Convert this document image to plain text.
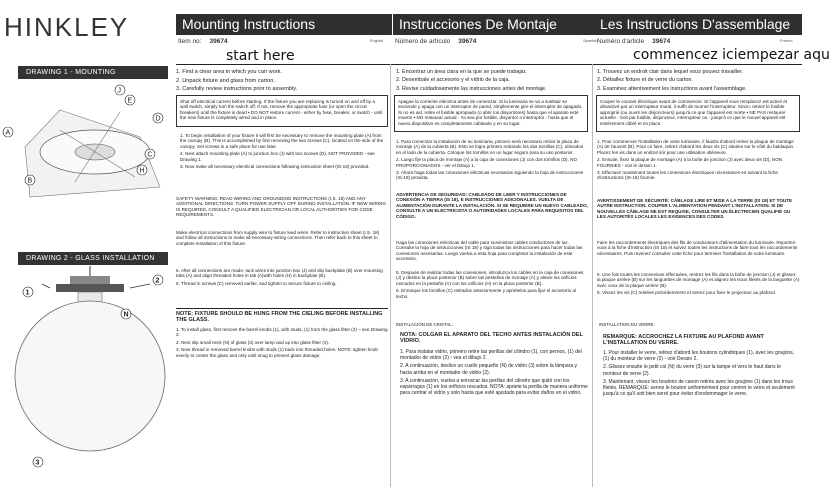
HINKLEY	Mounting Instructions	Instrucciones De Montaje	Les Instructions D'assemblage
Item no: 39674	English Número de artículo 39674	Spanish Numéro d'article 39674	French
start here	commencez iciempezar aqu
DRAWING 1 - MOUNTING
J
E
D
A
C
H
B
DRAWING 2 - GLASS INSTALLATION
2
1
N
3

1. Find a clear area in which you can work.

2. Unpack fixture and glass from carton.

3. Carefully review instructions prior to assembly.

Shut off electrical current before starting. If the fixture you are replacing is turned on and off by a wall switch, simply turn the switch off. If not, remove the appropriate fuse (or open the circuit breakers) until the fixture is dead • DO NOT restore current - either by fuse, breaker, or switch - until the new fixture is completely wired and in place.

1. To begin installation of your fixture it will first be necessary to remove the mounting plate (A) from the canopy (B). This is accomplished by first removing the two screws (C), located on the side of the canopy. Set screws in a safe place for use later.

2. Next attach mounting plate (A) to junction box (J) with two screws (D), NOT PROVIDED - see Drawing 1.

3. Now make all necessary electrical connections following instruction sheet (IS-18) provided.

SAFETY WARNING: READ WIRING AND GROUNDING INSTRUCTIONS (I.S. 18) AND ANY ADDITIONAL DIRECTIONS. TURN POWER SUPPLY OFF DURING INSTALLATION. IF NEW WIRING IS REQUIRED, CONSULT A QUALIFIED ELECTRICIAN OR LOCAL AUTHORITIES FOR CODE REQUIREMENTS.

Make electrical connections from supply wire to fixture lead wires. Refer to instruction sheet (I.S. 18) and follow all instructions to make all necessary wiring connections. Then refer back to this sheet to complete installation of this fixture.

5. After all connections are made, tuck wires into junction box (J) and slip backplate (B) over mounting tabs (A) and align threaded holes in tab (A)with holes (H) in backplate (B).

6. Thread in screws (C) removed earlier, and tighten to secure fixture to ceiling.

NOTE: FIXTURE SHOULD BE HUNG FROM THE CIELING BEFORE INSTALLING THE GLASS.

1. To install glass, first remove the barrel knobs (1), with studs, (1) from the glass fitter (2) – see Drawing 2.

2. Next slip small neck (N) of glass (3) over lamp and up into glass fitter (2).

3. Now thread in removed barrel knobs with studs (1) back into threaded holes. NOTE: tighten knob evenly to center the glass and only until snug to prevent glass damage.

1. Encontrar un área clara en la que se puede trabajar.

2. Desembale el accesorio y el vidrio de la caja.

3. Revise cuidadosamente las instrucciones antes del montaje.

Apague la corriente eléctrica antes de comenzar. Si la luminaria se va a sustituir se enciende y apaga con un interruptor de pared, simplemente gire el interruptor de apagado. Si no es así, retire el fusible apropiado (o abrir los disyuntores) hasta que el aparato esté muerto • NO restaurar actual - Ya sea por fusible, disyuntor o interruptor - hasta que el nuevo dispositivo es completamente cableado y en su lugar.

1. Para comenzar la instalación de su luminaria, primero será necesario retirar la placa de montaje (A) de la cubierta (B). Esto se logra primero retirando los dos tornillos (C), ubicados en el lado de la cubierta. Coloque los tornillos en un lugar seguro para su uso posterior.

2. Luego fije la placa de montaje (A) a la caja de conexiones (J) con dos tornillos (D), NO PROPORCIONADOS - ver el Dibujo 1.

3. Ahora haga todas las conexiones eléctricas necesarias siguiendo la hoja de instrucciones (IS-18) provista.

ADVERTENCIA DE SEGURIDAD: CABLEADO DE LEER Y INSTRUCCIONES DE CONEXIÓN A TIERRA (IS 18), E INSTRUCCIONES ADICIONALES. VUELTA DE ALIMENTACIÓN DURANTE LA INSTALACIÓN. SI SE REQUIERE UN NUEVO CABLEADO, CONSULTE A UN ELECTRICISTA O AUTORIDADES LOCALES PARA REQUISITOS DEL CÓDIGO.

Haga las conexiones eléctricas del cable para suministrar cables conductores de luz. Consulte la hoja de instrucciones (IS 18) y siga todas las instrucciones para hacer todas las conexiones necesarias. Luego vuelva a esta hoja para completar la instalación de este accesorio.

5. Después de realizar todas las conexiones, introduzca los cables en la caja de conexiones (J) y deslice la placa posterior (B) sobre las pestañas de montaje (A) y alinee los orificios roscados en la pestaña (A) con los orificios (H) en la placa posterior (B).

6. Enrosque los tornillos (C) retirados anteriormente y apriételos para fijar el accesorio al techo.

INSTALACIÓN DE CRISTAL:
NOTA: COLGAR EL APARATO DEL TECHO ANTES INSTALACIÓN DEL VIDRIO.

1. Para instalar vidrio, primero retire las perillas del cilindro (1), con pernos, (1) del montador de vidrio (2) - vea el dibujo 2.

2. A continuación, deslice un cuello pequeño (N) de vidrio (3) sobre la lámpara y hacia arriba en el montador de vidrio (2).

3. A continuación, vuelva a enroscar las perillas del cilindro que quitó con los espárragos (1) en los orificios roscados. NOTA: apriete la perilla de manera uniforme para centrar el vidrio y solo hasta que esté ajustado para evitar daños en el vidrio.

1. Trouvez un endroit clair dans lequel vous pouvez travailler.

2. Déballez fixture et de verre du carton.

3. Examinez attentivement les instructions avant l'assemblage.

Couper le courant électrique avant de commencer. Si l'appareil vous remplacez est activé et désactivé par un interrupteur mural, il suffit de tourner l'interrupteur. Sinon, retirez le fusible approprié (ou ouvrir les disjoncteurs) jusqu'à ce que l'appareil est morte • NE PAS restaurer actuelle - Soit par fusible, disjoncteur, interrupteur ou - jusqu'à ce que le nouvel appareil est entièrement câblé et en place.

1. Pour commencer l'installation de votre luminaire, il faudra d'abord retirer la plaque de montage (A) de l'auvent (B). Pour ce faire, retirez d'abord les deux vis (C) situées sur le côté du baldaquin. Placez les vis dans un endroit sûr pour une utilisation ultérieure.

2. Ensuite, fixez la plaque de montage (A) à la boîte de jonction (J) avec deux vis (D), NON FOURNIES - voir le dessin 1.

3. Effectuez maintenant toutes les connexions électriques nécessaires en suivant la fiche d'instructions (IS-18) fournie.

AVERTISSEMENT DE SÉCURITÉ: CÂBLAGE LIRE ET MISE A LA TERRE (IS 18) ET TOUTE AUTRE INSTRUCTION. COUPER L'ALIMENTATION PENDANT L'INSTALLATION. SI DE NOUVELLES CÂBLAGE NE EST REQUISE, CONSULTER UN ÉLECTRICIEN QUALIFIÉ OU LES AUTORITÉS LOCALES LES EXIGENCES DES CODES.

Faire les raccordements électriques des fils de conducteurs d'alimentation du luminaire. Reportez-vous à la fiche d'instruction (IS 18) et suivez toutes les instructions de faire tous les raccordements nécessaires. Puis revenez consulter cette fiche pour terminer l'installation de votre luminaire.

5. Une fois toutes les connexions effectuées, rentrez les fils dans la boîte de jonction (J) et glissez la plaque arrière (B) sur les languettes de montage (A) et alignez les trous filetés de la languette (A) avec ceux de la plaque arrière (B).

6. Vissez les vis (C) retirées précédemment et serrez pour fixer le projecteur au plafond.

INSTALLATION DU VERRE:
REMARQUE: ACCROCHEZ LA FIXTURE AU PLAFOND AVANT L'INSTALLATION DU VERRE.

1. Pour installer le verre, retirez d'abord les boutons cylindriques (1), avec les goujons, (1) du monteur de verre (2) - voir Dessin 2.

2. Glissez ensuite le petit col (N) du verre (3) sur la lampe et vers le haut dans le monteur de verre (2).

3. Maintenant, vissez les boutons de canon retirés avec les goujons (1) dans les trous filetés. REMARQUE: serrez le bouton uniformément pour centrer le verre et seulement jusqu'à ce qu'il soit bien serré pour éviter d'endommager le verre.
